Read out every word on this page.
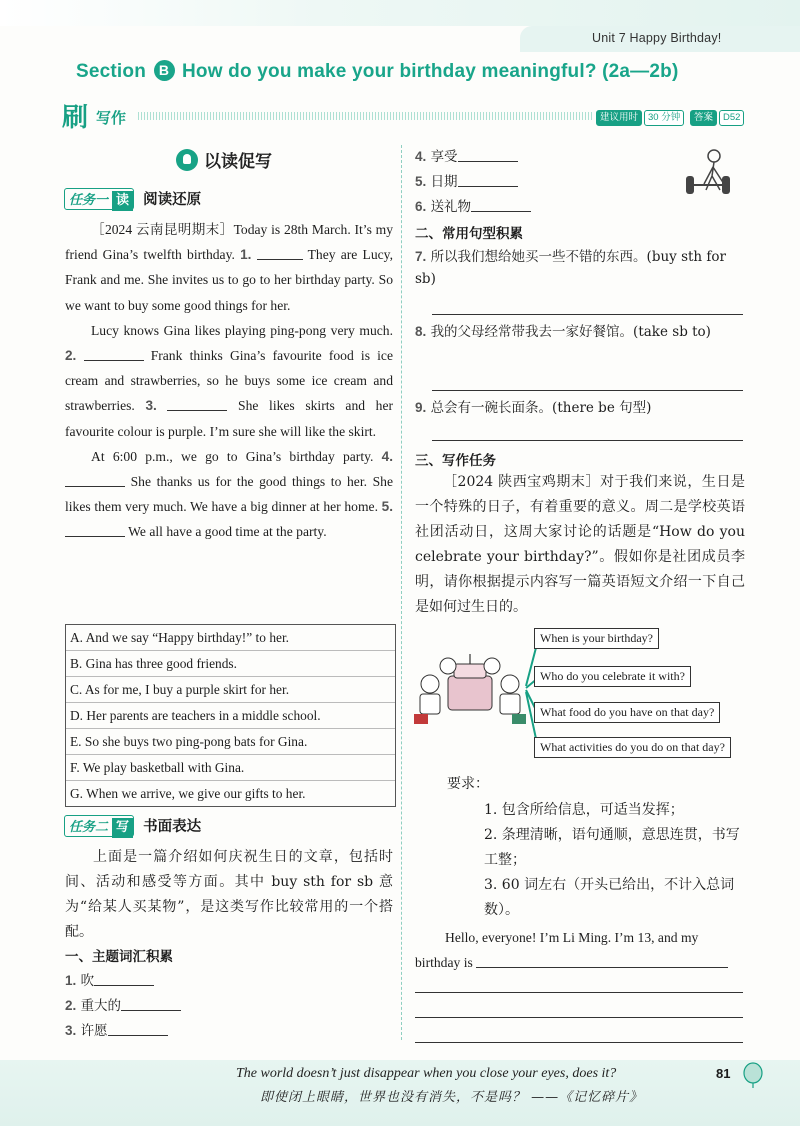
Unit 7 Happy Birthday!
Section B How do you make your birthday meaningful? (2a—2b)
刷 写作	建议用时	30 分钟	答案	D52
以读促写
任务一 读 阅读还原
［2024 云南昆明期末］Today is 28th March. It’s my friend Gina’s twelfth birthday. 1.	They are Lucy, Frank and me. She invites us to go to her birthday party. So we want to buy some good things for her.
Lucy knows Gina likes playing ping-pong very much. 2.	Frank thinks Gina’s favourite food is ice cream and strawberries, so he buys some ice cream and strawberries. 3.	She likes skirts and her favourite colour is purple. I’m sure she will like the skirt.
At 6:00 p.m., we go to Gina’s birthday party. 4.  She thanks us for the good things to her. She likes them very much. We have a big dinner at her home. 5.  We all have a good time at the party.
A. And we say “Happy birthday!” to her.
B. Gina has three good friends.
C. As for me, I buy a purple skirt for her.
D. Her parents are teachers in a middle school.
E. So she buys two ping-pong bats for Gina.
F. We play basketball with Gina.
G. When we arrive, we give our gifts to her.
任务二 写 书面表达
上面是一篇介绍如何庆祝生日的文章，包括时间、活动和感受等方面。其中 buy sth for sb 意为“给某人买某物”，是这类写作比较常用的一个搭配。
一、主题词汇积累
1. 吹
2. 重大的
3. 许愿
4. 享受
5. 日期
6. 送礼物
二、常用句型积累
7. 所以我们想给她买一些不错的东西。(buy sth for sb)
8. 我的父母经常带我去一家好餐馆。(take sb to)
9. 总会有一碗长面条。(there be 句型)
三、写作任务
［2024 陕西宝鸡期末］对于我们来说，生日是一个特殊的日子，有着重要的意义。周二是学校英语社团活动日，这周大家讨论的话题是“How do you celebrate your birthday?”。假如你是社团成员李明，请你根据提示内容写一篇英语短文介绍一下自己是如何过生日的。
When is your birthday?
Who do you celebrate it with?
What food do you have on that day?
What activities do you do on that day?
要求：
1. 包含所给信息，可适当发挥；
2. 条理清晰，语句通顺，意思连贯，书写工整；
3. 60 词左右（开头已给出，不计入总词数）。
Hello, everyone! I’m Li Ming. I’m 13, and my
birthday is
The world doesn’t just disappear when you close your eyes, does it?
即使闭上眼睛，世界也没有消失，不是吗？ ——《记忆碎片》
81
